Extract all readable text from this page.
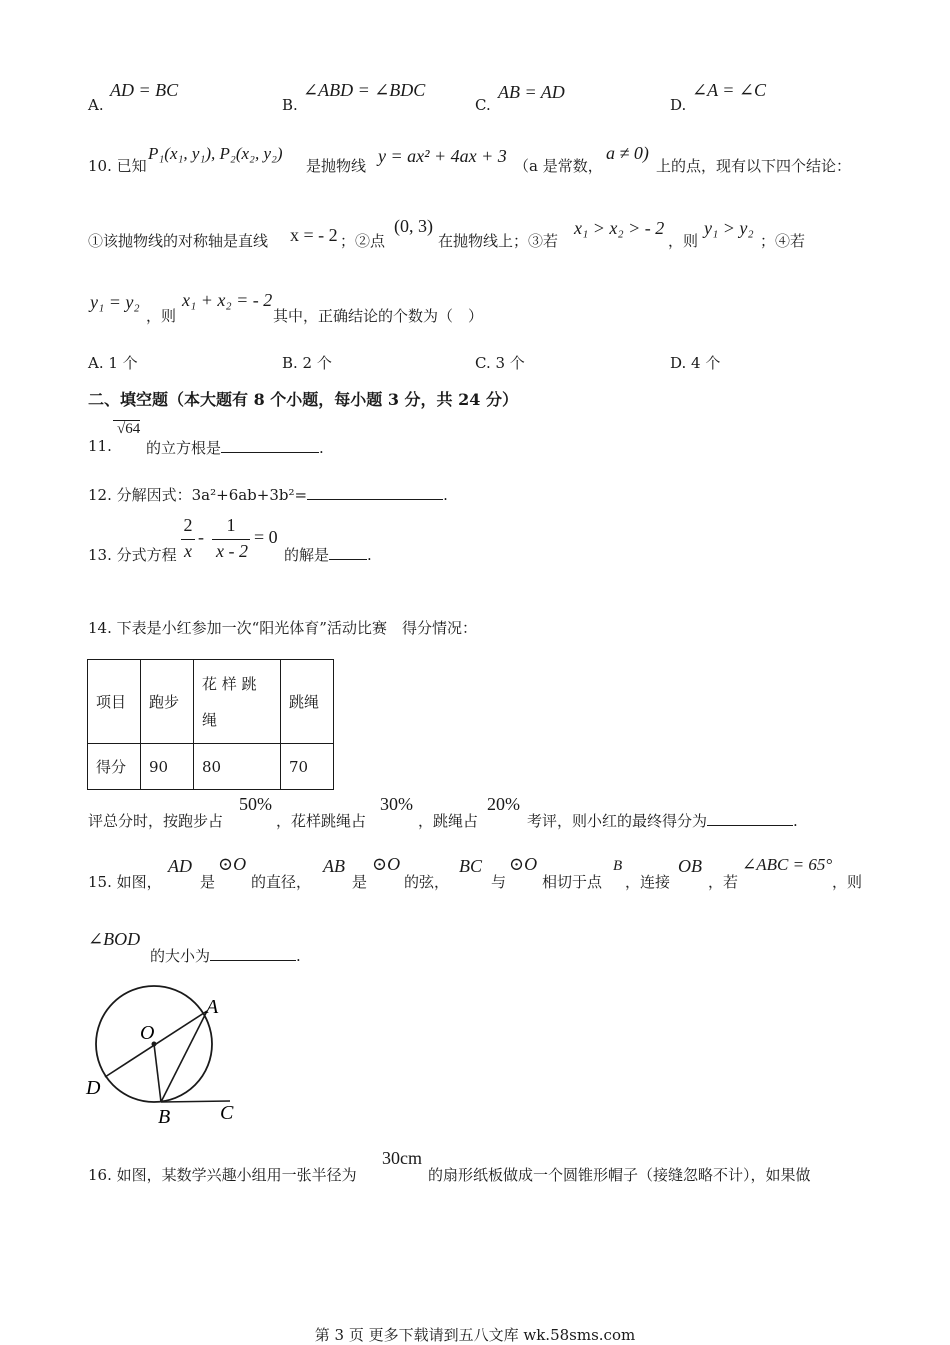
A.
AD = BC
B.
∠ABD = ∠BDC
C.
AB = AD
D.
∠A = ∠C
10. 已知
P₁(x₁, y₁), P₂(x₂, y₂)
是抛物线 y = ax² + 4ax + 3 （a 是常数，
a ≠ 0)
上的点，现有以下四个结论：
①该抛物线的对称轴是直线 x = - 2 ；②点
(0, 3)
在抛物线上；③若
x₁ > x₂ > - 2
，则
y₁ > y₂
；④若
y₁ = y₂
，则
x₁ + x₂ = - 2
其中，正确结论的个数为（　）
A. 1 个	B. 2 个	C. 3 个	D. 4 个
二、填空题（本大题有 8 个小题，每小题 3 分，共 24 分）
11.
√64
的立方根是	.
12. 分解因式：3a²+6ab+3b²=	.
13. 分式方程
2
x
-
1
x - 2
= 0
的解是	.
14. 下表是小红参加一次“阳光体育”活动比赛　得分情况：
项目	跑步	花 样 跳 绳	跳绳
得分	90	80	70
评总分时，按跑步占
50%
，花样跳绳占
30%
，跳绳占
20%
考评，则小红的最终得分为	.
15. 如图，
AD
是
⊙O
的直径，
AB
是
⊙O
的弦，
BC
与
⊙O
相切于点
B
，连接
OB
，若
∠ABC = 65°
，则
∠BOD
的大小为	.
O
A
D
B C
16. 如图，某数学兴趣小组用一张半径为
30cm
的扇形纸板做成一个圆锥形帽子（接缝忽略不计），如果做
第 3 页 更多下载请到五八文库 wk.58sms.com
